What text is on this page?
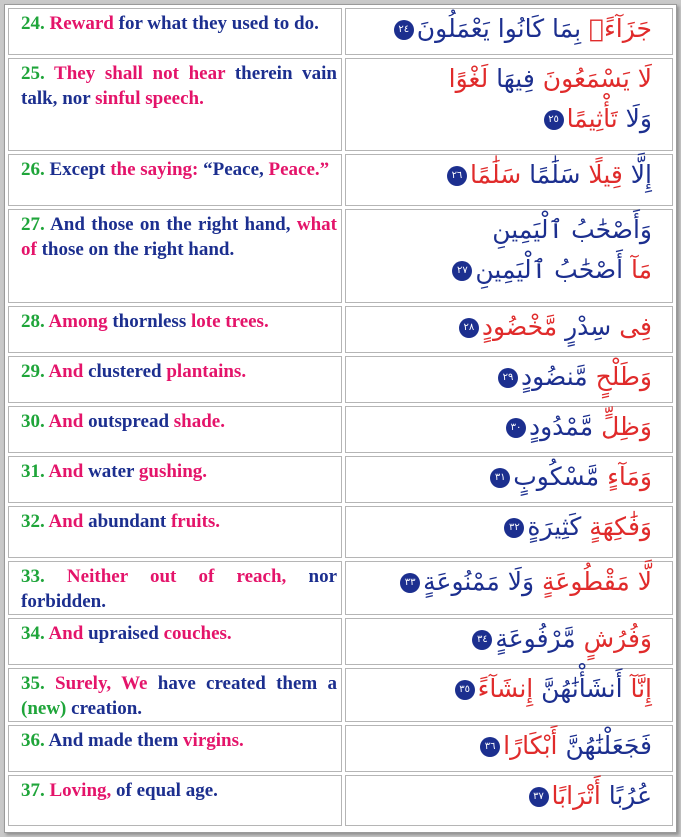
24. Reward for what they used to do.	جَزَآءًۢ بِمَا كَانُوا يَعْمَلُونَ٢٤

25. They shall not hear therein vain talk, nor sinful speech.	لَا يَسْمَعُونَ فِيهَا لَغْوًا
وَلَا تَأْثِيمًا٢٥

26. Except the saying: “Peace, Peace.”	إِلَّا قِيلًا سَلَٰمًا سَلَٰمًا٢٦

27. And those on the right hand, what of those on the right hand.	وَأَصْحَٰبُ ٱلْيَمِينِ
مَآ أَصْحَٰبُ ٱلْيَمِينِ٢٧

28. Among thornless lote trees.	فِى سِدْرٍ مَّخْضُودٍ٢٨

29. And clustered plantains.	وَطَلْحٍ مَّنضُودٍ٢٩

30. And outspread shade.	وَظِلٍّ مَّمْدُودٍ٣٠

31. And water gushing.	وَمَآءٍ مَّسْكُوبٍ٣١

32. And abundant fruits.	وَفَٰكِهَةٍ كَثِيرَةٍ٣٢

33. Neither out of reach, nor forbidden.	لَّا مَقْطُوعَةٍ وَلَا مَمْنُوعَةٍ٣٣

34. And upraised couches.	وَفُرُشٍ مَّرْفُوعَةٍ٣٤

35. Surely, We have created them a (new) creation.	إِنَّآ أَنشَأْنَٰهُنَّ إِنشَآءً٣٥

36. And made them virgins.	فَجَعَلْنَٰهُنَّ أَبْكَارًا٣٦

37. Loving, of equal age.	عُرُبًا أَتْرَابًا٣٧
